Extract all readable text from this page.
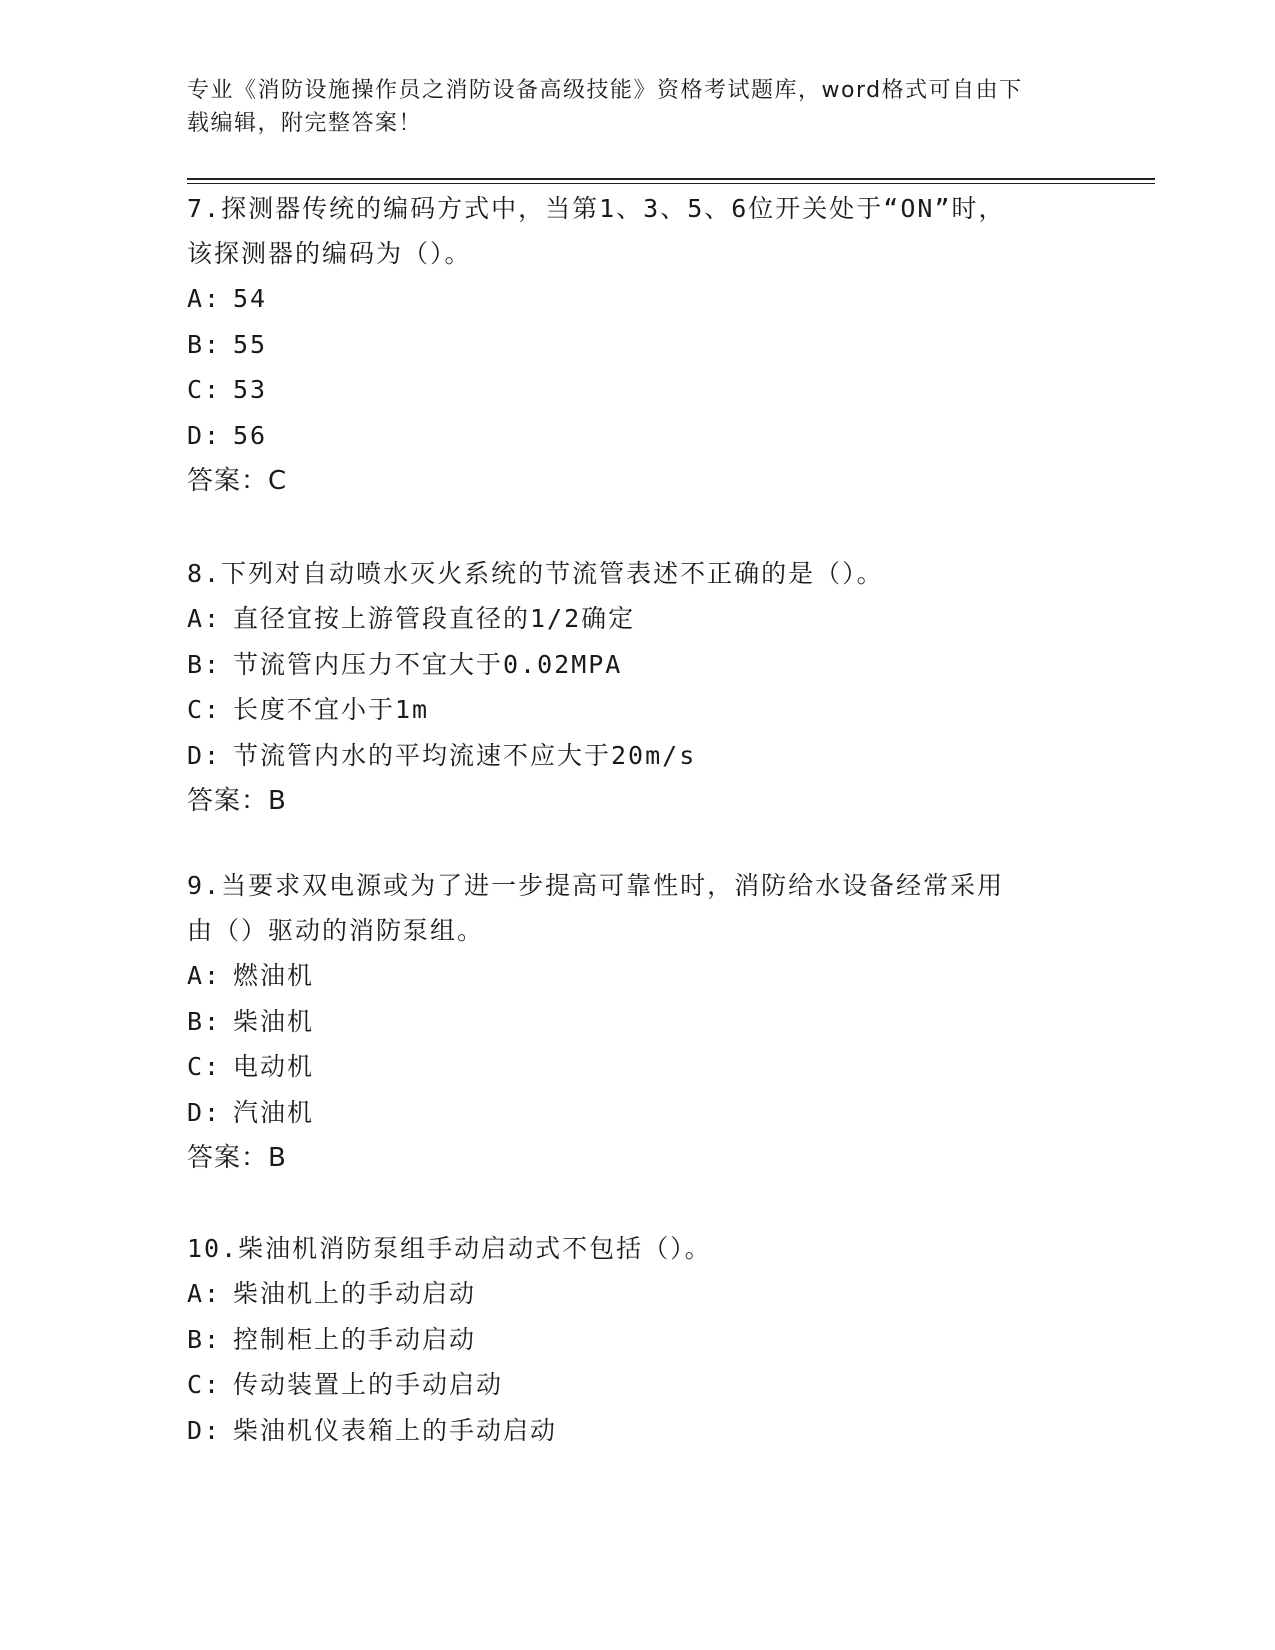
专业《消防设施操作员之消防设备高级技能》资格考试题库，word格式可自由下
载编辑，附完整答案！

7.探测器传统的编码方式中，当第1、3、5、6位开关处于“ON”时，

该探测器的编码为（）。

A: 54

B: 55

C: 53

D: 56

答案：C

8.下列对自动喷水灭火系统的节流管表述不正确的是（）。

A: 直径宜按上游管段直径的1/2确定

B: 节流管内压力不宜大于0.02MPA

C: 长度不宜小于1m

D: 节流管内水的平均流速不应大于20m/s

答案：B

9.当要求双电源或为了进一步提高可靠性时，消防给水设备经常采用

由（）驱动的消防泵组。

A: 燃油机

B: 柴油机

C: 电动机

D: 汽油机

答案：B

10.柴油机消防泵组手动启动式不包括（）。

A: 柴油机上的手动启动

B: 控制柜上的手动启动

C: 传动装置上的手动启动

D: 柴油机仪表箱上的手动启动
